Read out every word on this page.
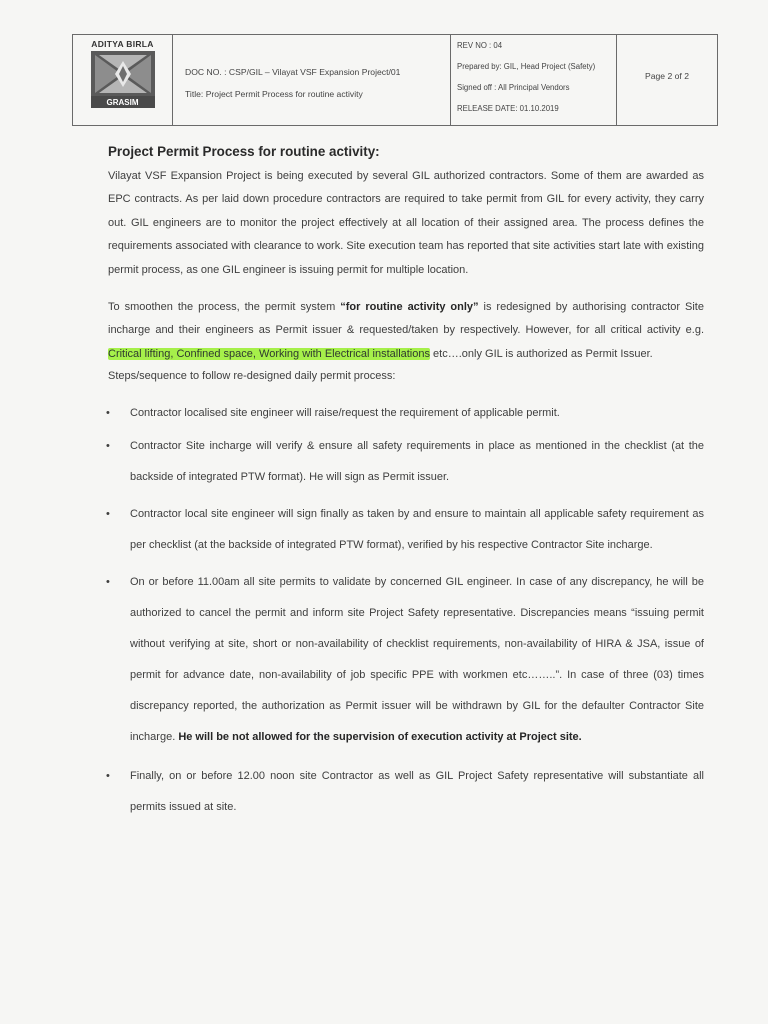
ADITYA BIRLA
GRASIM
DOC NO. : CSP/GIL – Vilayat VSF Expansion Project/01
Title: Project Permit Process for routine activity
REV NO : 04
Prepared by: GIL, Head Project (Safety)
Signed off : All Principal Vendors
RELEASE DATE: 01.10.2019
Page 2 of 2
Project Permit Process for routine activity:

Vilayat VSF Expansion Project is being executed by several GIL authorized contractors. Some of them are awarded as EPC contracts. As per laid down procedure contractors are required to take permit from GIL for every activity, they carry out. GIL engineers are to monitor the project effectively at all location of their assigned area. The process defines the requirements associated with clearance to work. Site execution team has reported that site activities start late with existing permit process, as one GIL engineer is issuing permit for multiple location.

To smoothen the process, the permit system “for routine activity only” is redesigned by authorising contractor Site incharge and their engineers as Permit issuer & requested/taken by respectively. However, for all critical activity e.g. Critical lifting, Confined space, Working with Electrical installations etc….only GIL is authorized as Permit Issuer.

Steps/sequence to follow re-designed daily permit process:

• Contractor localised site engineer will raise/request the requirement of applicable permit.
• Contractor Site incharge will verify & ensure all safety requirements in place as mentioned in the checklist (at the backside of integrated PTW format). He will sign as Permit issuer.
• Contractor local site engineer will sign finally as taken by and ensure to maintain all applicable safety requirement as per checklist (at the backside of integrated PTW format), verified by his respective Contractor Site incharge.
• On or before 11.00am all site permits to validate by concerned GIL engineer. In case of any discrepancy, he will be authorized to cancel the permit and inform site Project Safety representative. Discrepancies means “issuing permit without verifying at site, short or non-availability of checklist requirements, non-availability of HIRA & JSA, issue of permit for advance date, non-availability of job specific PPE with workmen etc……..”. In case of three (03) times discrepancy reported, the authorization as Permit issuer will be withdrawn by GIL for the defaulter Contractor Site incharge. He will be not allowed for the supervision of execution activity at Project site.
• Finally, on or before 12.00 noon site Contractor as well as GIL Project Safety representative will substantiate all permits issued at site.
